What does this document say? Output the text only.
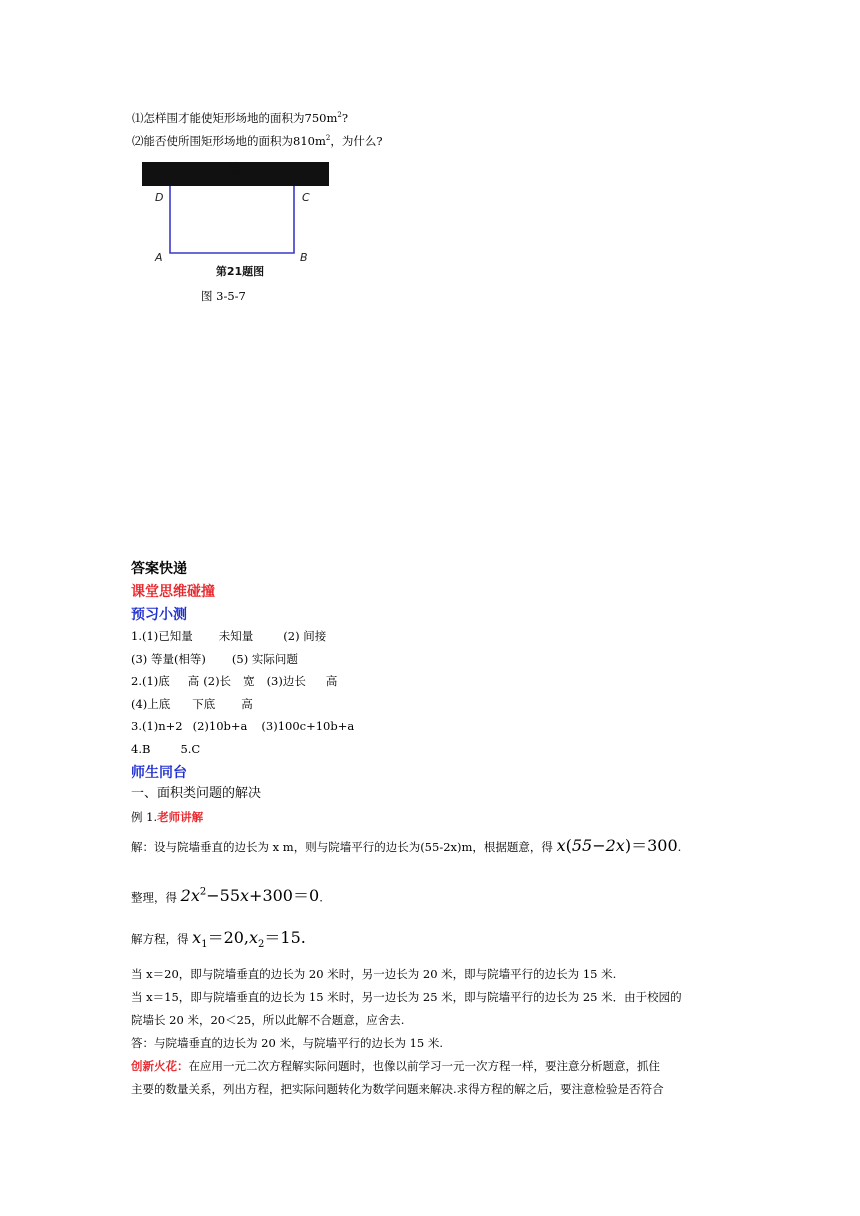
⑴怎样围才能使矩形场地的面积为$750m^2$?
⑵能否使所围矩形场地的面积为$810m^2$，为什么?
墙
D	C
A	B
第21题图
图 3-5-7
答案快递
课堂思维碰撞
预习小测
1.(1)已知量 未知量	(2) 间接
(3) 等量(相等) (5) 实际问题
2.(1)底 高 (2)长 宽 (3)边长 高
(4)上底 下底 高
3.(1)n+2 (2)10b+a (3)100c+10b+a
4.B	5.C
师生同台
一、面积类问题的解决
例 1.老师讲解
解：设与院墙垂直的边长为 x m，则与院墙平行的边长为(55-2x)m，根据题意，得 x(55−2x)＝300.
整理，得 $2x^2-55x+300=0$.
解方程，得 $x_1=20,x_2=15$.
当 x＝20，即与院墙垂直的边长为 20 米时，另一边长为 20 米，即与院墙平行的边长为 15 米.
当 x＝15，即与院墙垂直的边长为 15 米时，另一边长为 25 米，即与院墙平行的边长为 25 米．由于校园的
院墙长 20 米，20＜25，所以此解不合题意，应舍去.
答：与院墙垂直的边长为 20 米，与院墙平行的边长为 15 米.
创新火花：在应用一元二次方程解实际问题时，也像以前学习一元一次方程一样，要注意分析题意，抓住
主要的数量关系，列出方程，把实际问题转化为数学问题来解决.求得方程的解之后，要注意检验是否符合
